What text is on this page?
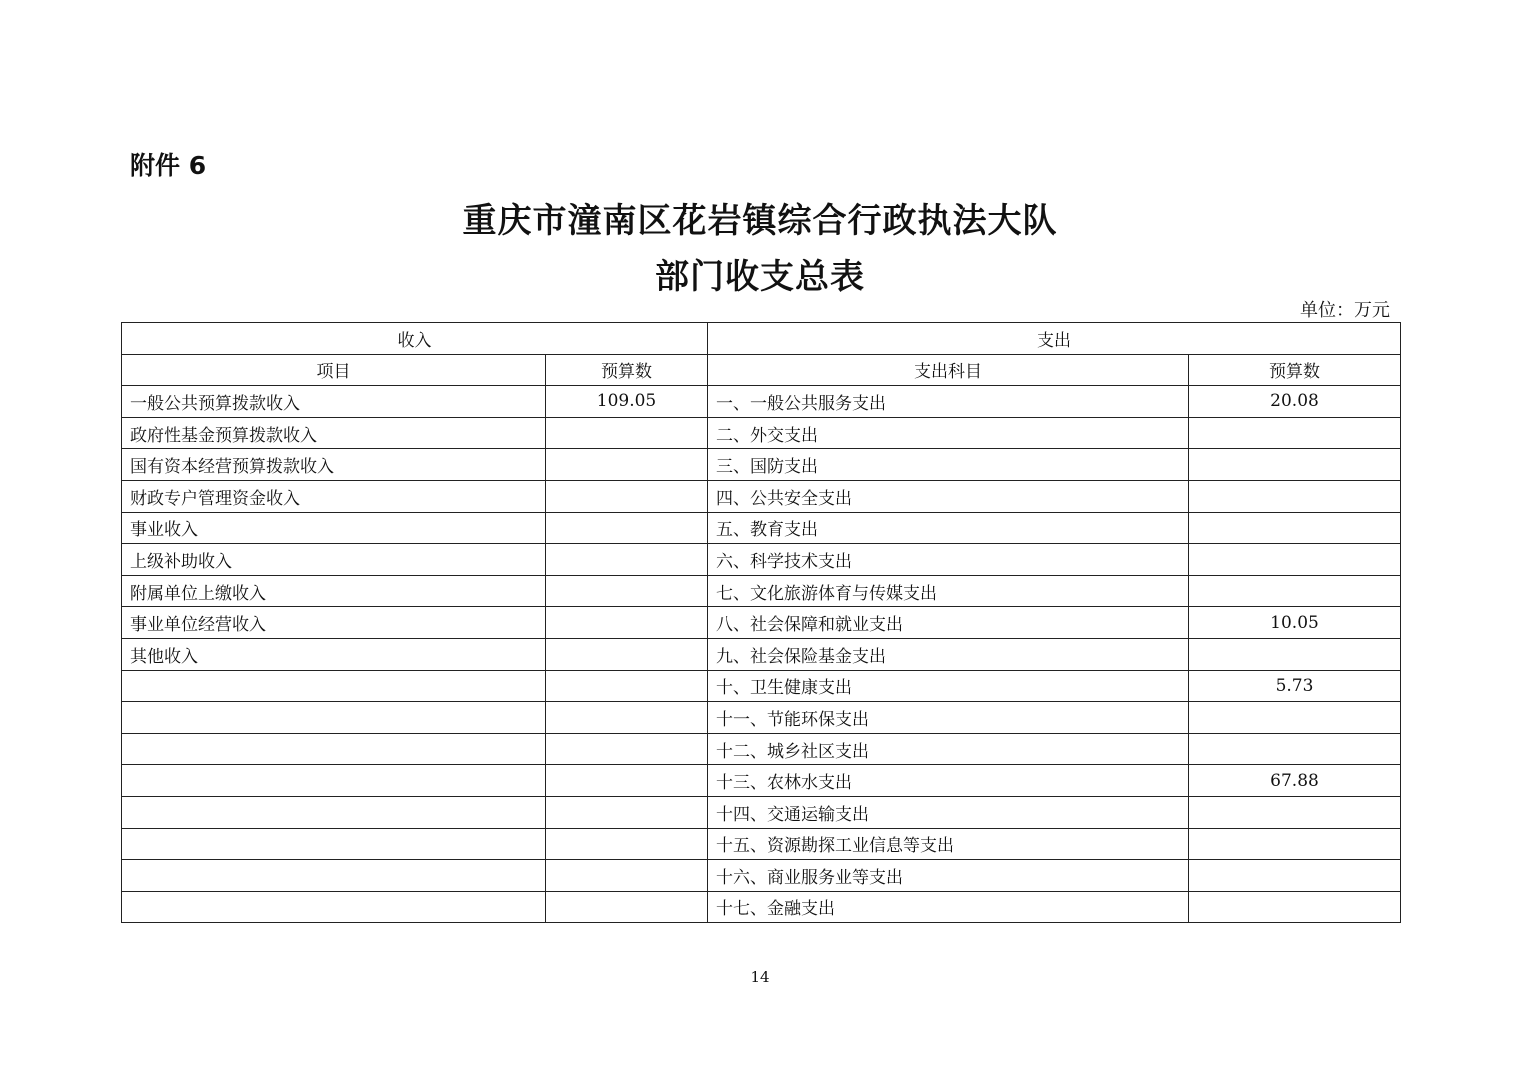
附件 6
重庆市潼南区花岩镇综合行政执法大队
部门收支总表
单位：万元
收入		支出	
项目	预算数	支出科目	预算数
一般公共预算拨款收入	109.05	一、一般公共服务支出	20.08
政府性基金预算拨款收入		二、外交支出	
国有资本经营预算拨款收入		三、国防支出	
财政专户管理资金收入		四、公共安全支出	
事业收入		五、教育支出	
上级补助收入		六、科学技术支出	
附属单位上缴收入		七、文化旅游体育与传媒支出	
事业单位经营收入		八、社会保障和就业支出	10.05
其他收入		九、社会保险基金支出	
		十、卫生健康支出	5.73
		十一、节能环保支出	
		十二、城乡社区支出	
		十三、农林水支出	67.88
		十四、交通运输支出	
		十五、资源勘探工业信息等支出	
		十六、商业服务业等支出	
		十七、金融支出	
14
